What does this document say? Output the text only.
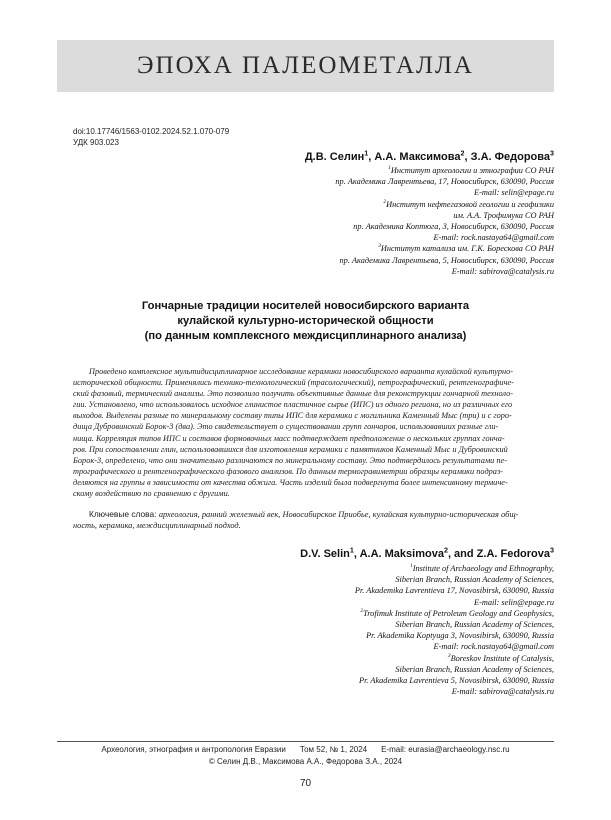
ЭПОХА ПАЛЕОМЕТАЛЛА
doi:10.17746/1563-0102.2024.52.1.070-079
УДК 903.023
Д.В. Селин$^1$, А.А. Максимова$^2$, З.А. Федорова$^3$
$^1$Институт археологии и этнографии СО РАН
пр. Академика Лаврентьева, 17, Новосибирск, 630090, Россия
E-mail: selin@epage.ru
$^2$Институт нефтегазовой геологии и геофизики
им. А.А. Трофимука СО РАН
пр. Академика Коптюга, 3, Новосибирск, 630090, Россия
E-mail: rock.nastaya64@gmail.com
$^3$Институт катализа им. Г.К. Борескова СО РАН
пр. Академика Лаврентьева, 5, Новосибирск, 630090, Россия
E-mail: sabirova@catalysis.ru
Гончарные традиции носителей новосибирского варианта
кулайской культурно-исторической общности
(по данным комплексного междисциплинарного анализа)
Проведено комплексное мультидисциплинарное исследование керамики новосибирского варианта кулайской культурно-
исторической общности. Применялись технико-технологический (трасологический), петрографический, рентгенографиче-
ский фазовый, термический анализы. Это позволило получить объективные данные для реконструкции гончарной техноло-
гии. Установлено, что использовалось исходное глинистое пластичное сырье (ИПС) из одного региона, но из различных его
выходов. Выделены разные по минеральному составу типы ИПС для керамики с могильника Каменный Мыс (три) и с горо-
дища Дубровинский Борок-3 (два). Это свидетельствует о существовании групп гончаров, использовавших разные гли-
нища. Корреляция типов ИПС и составов формовочных масс подтверждает предположение о нескольких группах гонча-
ров. При сопоставлении глин, использовавшихся для изготовления керамики с памятников Каменный Мыс и Дубровинский
Борок-3, определено, что они значительно различаются по минеральному составу. Это подтвердилось результатами пе-
трографического и рентгенографического фазового анализов. По данным термогравиметрии образцы керамики подраз-
деляются на группы в зависимости от качества обжига. Часть изделий была подвергнута более интенсивному термиче-
скому воздействию по сравнению с другими.
Ключевые слова: археология, ранний железный век, Новосибирское Приобье, кулайская культурно-историческая общ-
ность, керамика, междисциплинарный подход.
D.V. Selin$^1$, A.A. Maksimova$^2$, and Z.A. Fedorova$^3$
$^1$Institute of Archaeology and Ethnography,
Siberian Branch, Russian Academy of Sciences,
Pr. Akademika Lavrentieva 17, Novosibirsk, 630090, Russia
E-mail: selin@epage.ru
$^2$Trofimuk Institute of Petroleum Geology and Geophysics,
Siberian Branch, Russian Academy of Sciences,
Pr. Akademika Koptyuga 3, Novosibirsk, 630090, Russia
E-mail: rock.nastaya64@gmail.com
$^3$Boreskov Institute of Catalysis,
Siberian Branch, Russian Academy of Sciences,
Pr. Akademika Lavrentieva 5, Novosibirsk, 630090, Russia
E-mail: sabirova@catalysis.ru
Археология, этнография и антропология Евразии Том 52, № 1, 2024 E-mail: eurasia@archaeology.nsc.ru
© Селин Д.В., Максимова А.А., Федорова З.А., 2024
70
